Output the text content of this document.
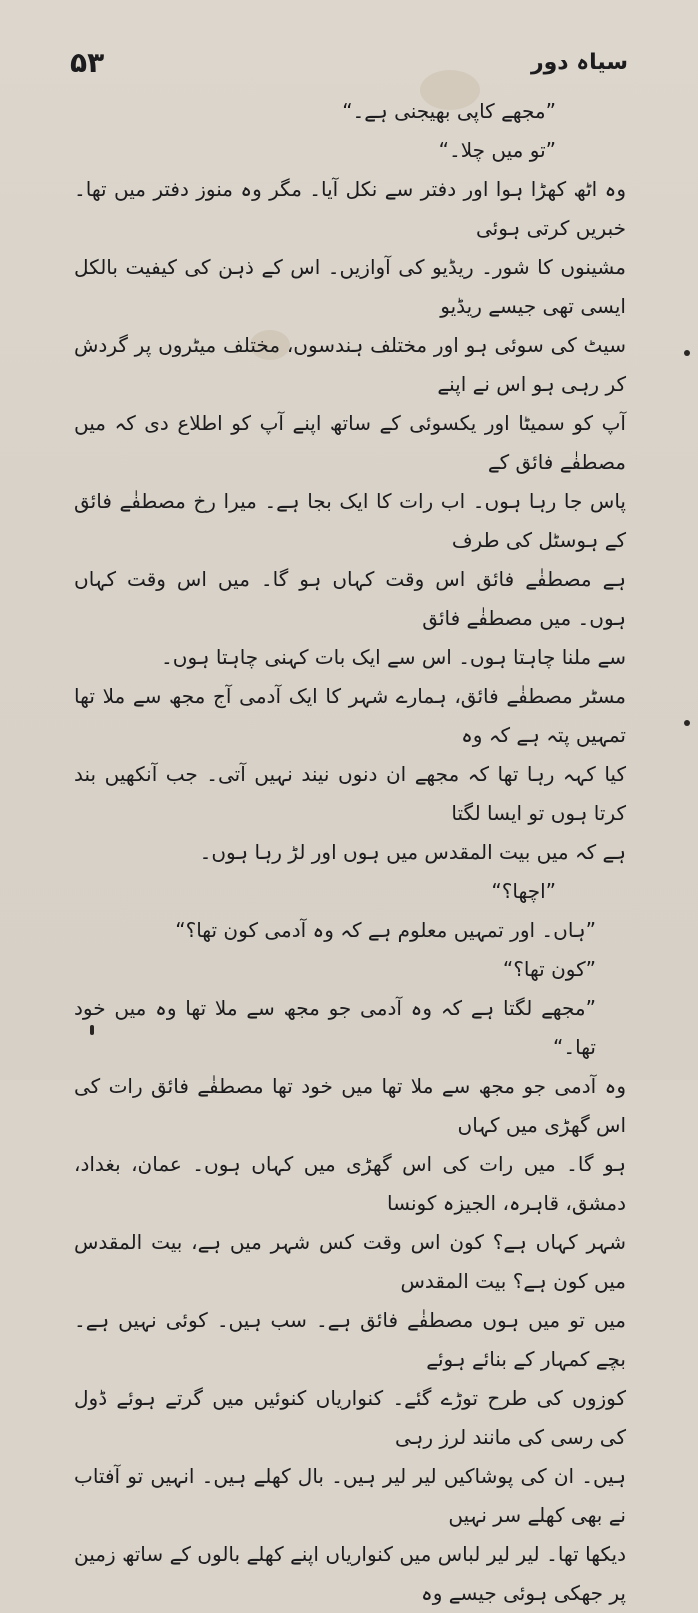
سیاہ دور
۵۳

”مجھے کاپی بھیجنی ہے۔“

”تو میں چلا۔“

وہ اٹھ کھڑا ہوا اور دفتر سے نکل آیا۔ مگر وہ منوز دفتر میں تھا۔ خبریں کرتی ہوئی

مشینوں کا شور۔ ریڈیو کی آوازیں۔ اس کے ذہن کی کیفیت بالکل ایسی تھی جیسے ریڈیو

سیٹ کی سوئی ہو اور مختلف ہندسوں، مختلف میٹروں پر گردش کر رہی ہو اس نے اپنے

آپ کو سمیٹا اور یکسوئی کے ساتھ اپنے آپ کو اطلاع دی کہ میں مصطفٰے فائق کے

پاس جا رہا ہوں۔ اب رات کا ایک بجا ہے۔ میرا رخ مصطفٰے فائق کے ہوسٹل کی طرف

ہے مصطفٰے فائق اس وقت کہاں ہو گا۔ میں اس وقت کہاں ہوں۔ میں مصطفٰے فائق

سے ملنا چاہتا ہوں۔ اس سے ایک بات کہنی چاہتا ہوں۔

مسٹر مصطفٰے فائق، ہمارے شہر کا ایک آدمی آج مجھ سے ملا تھا تمہیں پتہ ہے کہ وہ

کیا کہہ رہا تھا کہ مجھے ان دنوں نیند نہیں آتی۔ جب آنکھیں بند کرتا ہوں تو ایسا لگتا

ہے کہ میں بیت المقدس میں ہوں اور لڑ رہا ہوں۔

”اچھا؟“

”ہاں۔ اور تمہیں معلوم ہے کہ وہ آدمی کون تھا؟“

”کون تھا؟“

”مجھے لگتا ہے کہ وہ آدمی جو مجھ سے ملا تھا وہ میں خود تھا۔“

وہ آدمی جو مجھ سے ملا تھا میں خود تھا مصطفٰے فائق رات کی اس گھڑی میں کہاں

ہو گا۔ میں رات کی اس گھڑی میں کہاں ہوں۔ عمان، بغداد، دمشق، قاہرہ، الجیزہ کونسا

شہر کہاں ہے؟ کون اس وقت کس شہر میں ہے، بیت المقدس میں کون ہے؟ بیت المقدس

میں تو میں ہوں مصطفٰے فائق ہے۔ سب ہیں۔ کوئی نہیں ہے۔ بچے کمہار کے بنائے ہوئے

کوزوں کی طرح توڑے گئے۔ کنواریاں کنوئیں میں گرتے ہوئے ڈول کی رسی کی مانند لرز رہی

ہیں۔ ان کی پوشاکیں لیر لیر ہیں۔ بال کھلے ہیں۔ انہیں تو آفتاب نے بھی کھلے سر نہیں

دیکھا تھا۔ لیر لیر لباس میں کنواریاں اپنے کھلے بالوں کے ساتھ زمین پر جھکی ہوئی جیسے وہ
